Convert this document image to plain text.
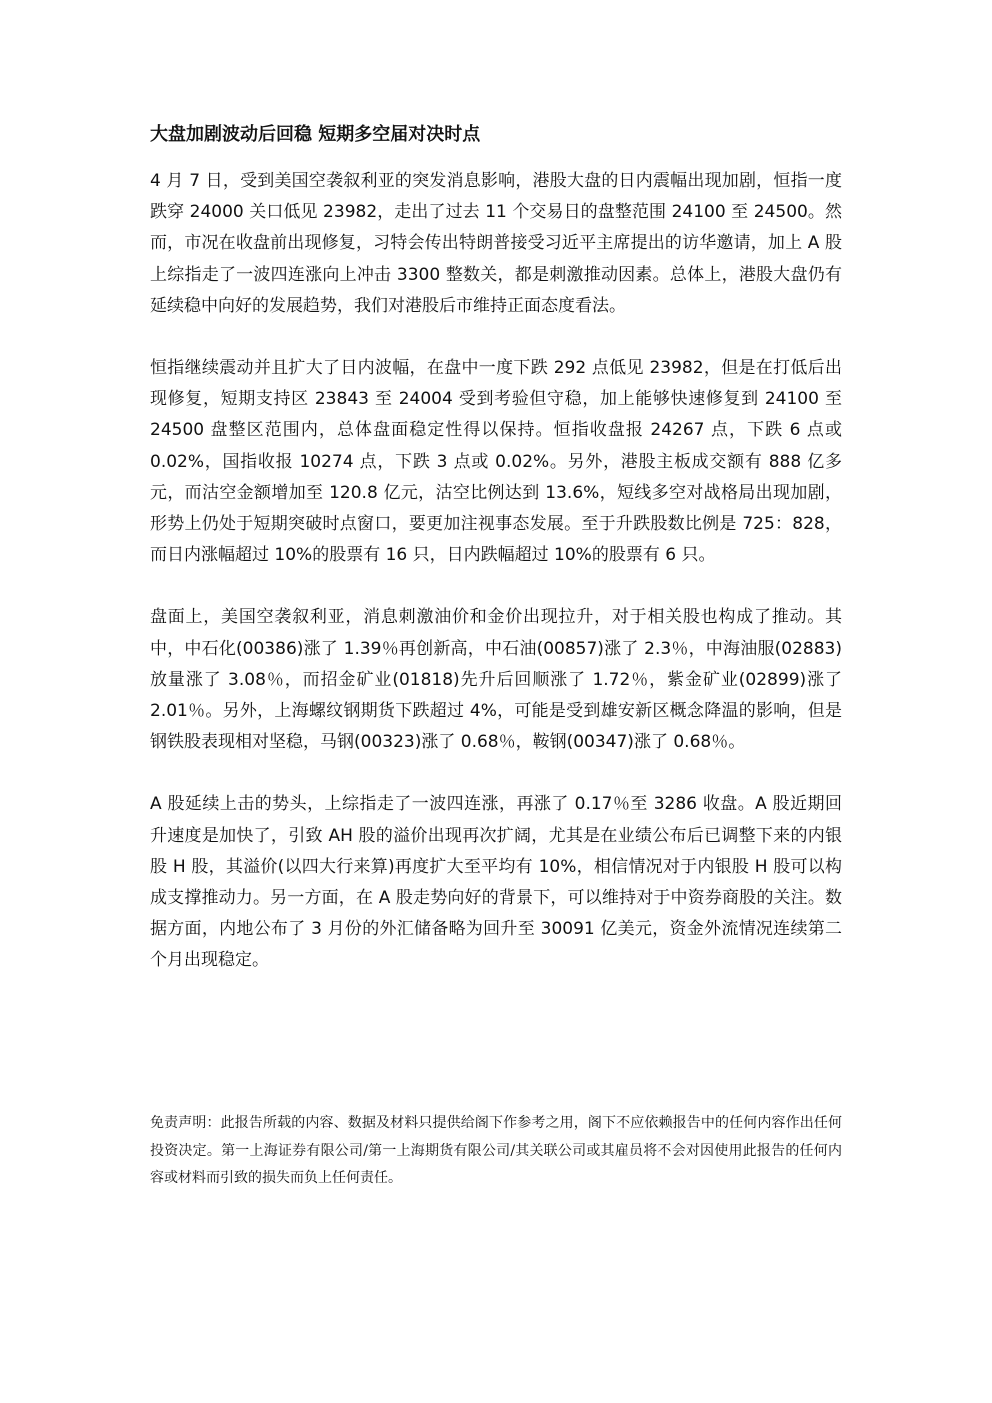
大盘加剧波动后回稳 短期多空届对决时点

4 月 7 日，受到美国空袭叙利亚的突发消息影响，港股大盘的日内震幅出现加剧，恒指一度跌穿 24000 关口低见 23982，走出了过去 11 个交易日的盘整范围 24100 至 24500。然而，市况在收盘前出现修复，习特会传出特朗普接受习近平主席提出的访华邀请，加上 A 股上综指走了一波四连涨向上冲击 3300 整数关，都是刺激推动因素。总体上，港股大盘仍有延续稳中向好的发展趋势，我们对港股后市维持正面态度看法。

恒指继续震动并且扩大了日内波幅，在盘中一度下跌 292 点低见 23982，但是在打低后出现修复，短期支持区 23843 至 24004 受到考验但守稳，加上能够快速修复到 24100 至 24500 盘整区范围内，总体盘面稳定性得以保持。恒指收盘报 24267 点，下跌 6 点或 0.02%，国指收报 10274 点，下跌 3 点或 0.02%。另外，港股主板成交额有 888 亿多元，而沽空金额增加至 120.8 亿元，沽空比例达到 13.6%，短线多空对战格局出现加剧，形势上仍处于短期突破时点窗口，要更加注视事态发展。至于升跌股数比例是 725：828，而日内涨幅超过 10%的股票有 16 只，日内跌幅超过 10%的股票有 6 只。

盘面上，美国空袭叙利亚，消息刺激油价和金价出现拉升，对于相关股也构成了推动。其中，中石化(00386)涨了 1.39％再创新高，中石油(00857)涨了 2.3％，中海油服(02883)放量涨了 3.08％，而招金矿业(01818)先升后回顺涨了 1.72％，紫金矿业(02899)涨了 2.01％。另外，上海螺纹钢期货下跌超过 4%，可能是受到雄安新区概念降温的影响，但是钢铁股表现相对坚稳，马钢(00323)涨了 0.68％，鞍钢(00347)涨了 0.68％。

A 股延续上击的势头，上综指走了一波四连涨，再涨了 0.17％至 3286 收盘。A 股近期回升速度是加快了，引致 AH 股的溢价出现再次扩阔，尤其是在业绩公布后已调整下来的内银股 H 股，其溢价(以四大行来算)再度扩大至平均有 10%，相信情况对于内银股 H 股可以构成支撑推动力。另一方面，在 A 股走势向好的背景下，可以维持对于中资券商股的关注。数据方面，内地公布了 3 月份的外汇储备略为回升至 30091 亿美元，资金外流情况连续第二个月出现稳定。

免责声明：此报告所载的内容、数据及材料只提供给阁下作参考之用，阁下不应依赖报告中的任何内容作出任何投资决定。第一上海证券有限公司/第一上海期货有限公司/其关联公司或其雇员将不会对因使用此报告的任何内容或材料而引致的损失而负上任何责任。
